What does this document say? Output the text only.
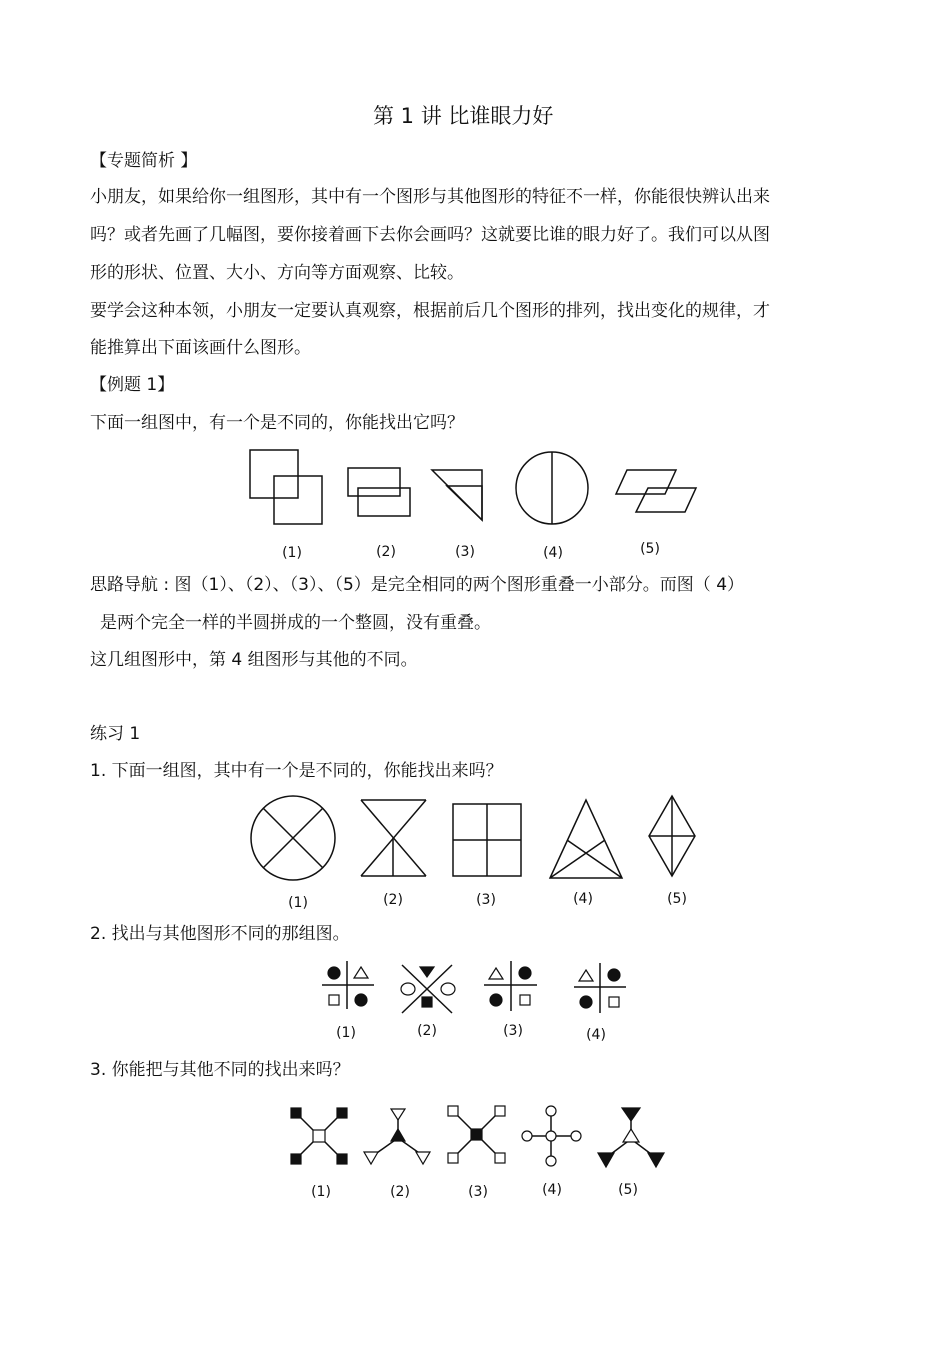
第 1 讲 比谁眼力好
【专题简析 】
小朋友，如果给你一组图形，其中有一个图形与其他图形的特征不一样，你能很快辨认出来
吗？或者先画了几幅图，要你接着画下去你会画吗？这就要比谁的眼力好了。我们可以从图
形的形状、位置、大小、方向等方面观察、比较。
要学会这种本领，小朋友一定要认真观察，根据前后几个图形的排列，找出变化的规律，才
能推算出下面该画什么图形。
【例题 1】
下面一组图中，有一个是不同的，你能找出它吗？
(1)	(2)	(3)	(4)	(5)
思路导航 : 图（1）、（2）、（3）、（5）是完全相同的两个图形重叠一小部分。而图（ 4）
是两个完全一样的半圆拼成的一个整圆，没有重叠。
这几组图形中，第 4 组图形与其他的不同。
练习 1
1. 下面一组图，其中有一个是不同的，你能找出来吗？
(1)	(2)	(3)	(4)	(5)
2. 找出与其他图形不同的那组图。
(1)	(2)	(3)	(4)
3. 你能把与其他不同的找出来吗？
(1)	(2)	(3)	(4)	(5)
